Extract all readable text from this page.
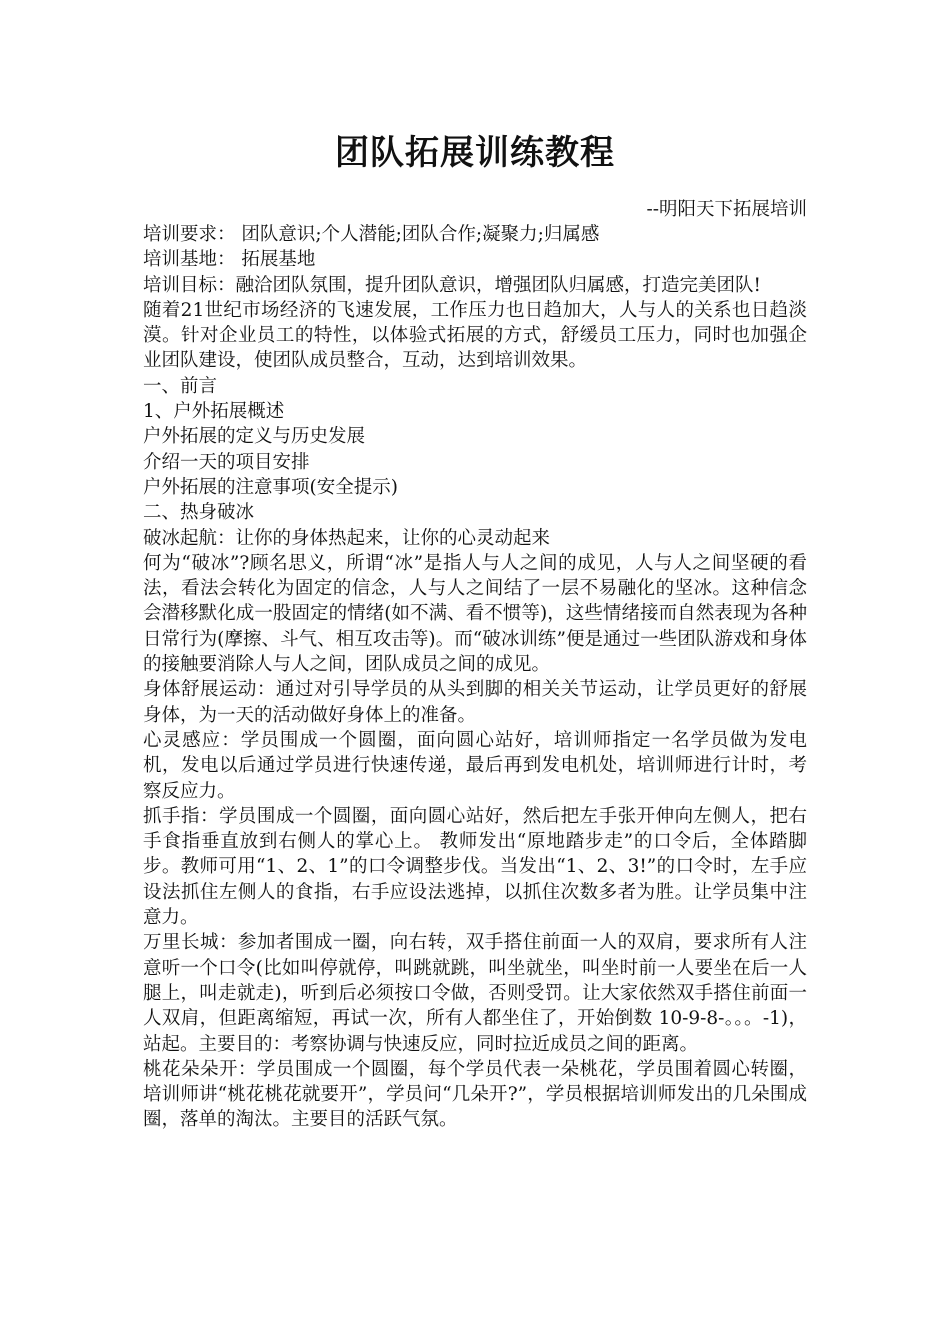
团队拓展训练教程
--明阳天下拓展培训

培训要求： 团队意识;个人潜能;团队合作;凝聚力;归属感

培训基地： 拓展基地

培训目标：融洽团队氛围，提升团队意识，增强团队归属感，打造完美团队!

随着21世纪市场经济的飞速发展，工作压力也日趋加大，人与人的关系也日趋淡漠。针对企业员工的特性，以体验式拓展的方式，舒缓员工压力，同时也加强企业团队建设，使团队成员整合，互动，达到培训效果。

一、前言

1、户外拓展概述

户外拓展的定义与历史发展

介绍一天的项目安排

户外拓展的注意事项(安全提示)

二、热身破冰

破冰起航：让你的身体热起来，让你的心灵动起来

何为“破冰”?顾名思义，所谓“冰”是指人与人之间的成见，人与人之间坚硬的看法，看法会转化为固定的信念，人与人之间结了一层不易融化的坚冰。这种信念会潜移默化成一股固定的情绪(如不满、看不惯等)，这些情绪接而自然表现为各种日常行为(摩擦、斗气、相互攻击等)。而“破冰训练”便是通过一些团队游戏和身体的接触要消除人与人之间，团队成员之间的成见。

身体舒展运动：通过对引导学员的从头到脚的相关关节运动，让学员更好的舒展身体，为一天的活动做好身体上的准备。

心灵感应：学员围成一个圆圈，面向圆心站好，培训师指定一名学员做为发电机，发电以后通过学员进行快速传递，最后再到发电机处，培训师进行计时，考察反应力。

抓手指：学员围成一个圆圈，面向圆心站好，然后把左手张开伸向左侧人，把右手食指垂直放到右侧人的掌心上。 教师发出“原地踏步走”的口令后，全体踏脚步。教师可用“1、2、1”的口令调整步伐。当发出“1、2、3!”的口令时，左手应设法抓住左侧人的食指，右手应设法逃掉，以抓住次数多者为胜。让学员集中注意力。

万里长城：参加者围成一圈，向右转，双手搭住前面一人的双肩，要求所有人注意听一个口令(比如叫停就停，叫跳就跳，叫坐就坐，叫坐时前一人要坐在后一人腿上，叫走就走)，听到后必须按口令做，否则受罚。让大家依然双手搭住前面一人双肩，但距离缩短，再试一次，所有人都坐住了，开始倒数 10-9-8-。。。-1)，站起。主要目的：考察协调与快速反应，同时拉近成员之间的距离。

桃花朵朵开：学员围成一个圆圈，每个学员代表一朵桃花，学员围着圆心转圈，培训师讲“桃花桃花就要开”，学员问“几朵开?”，学员根据培训师发出的几朵围成圈，落单的淘汰。主要目的活跃气氛。
